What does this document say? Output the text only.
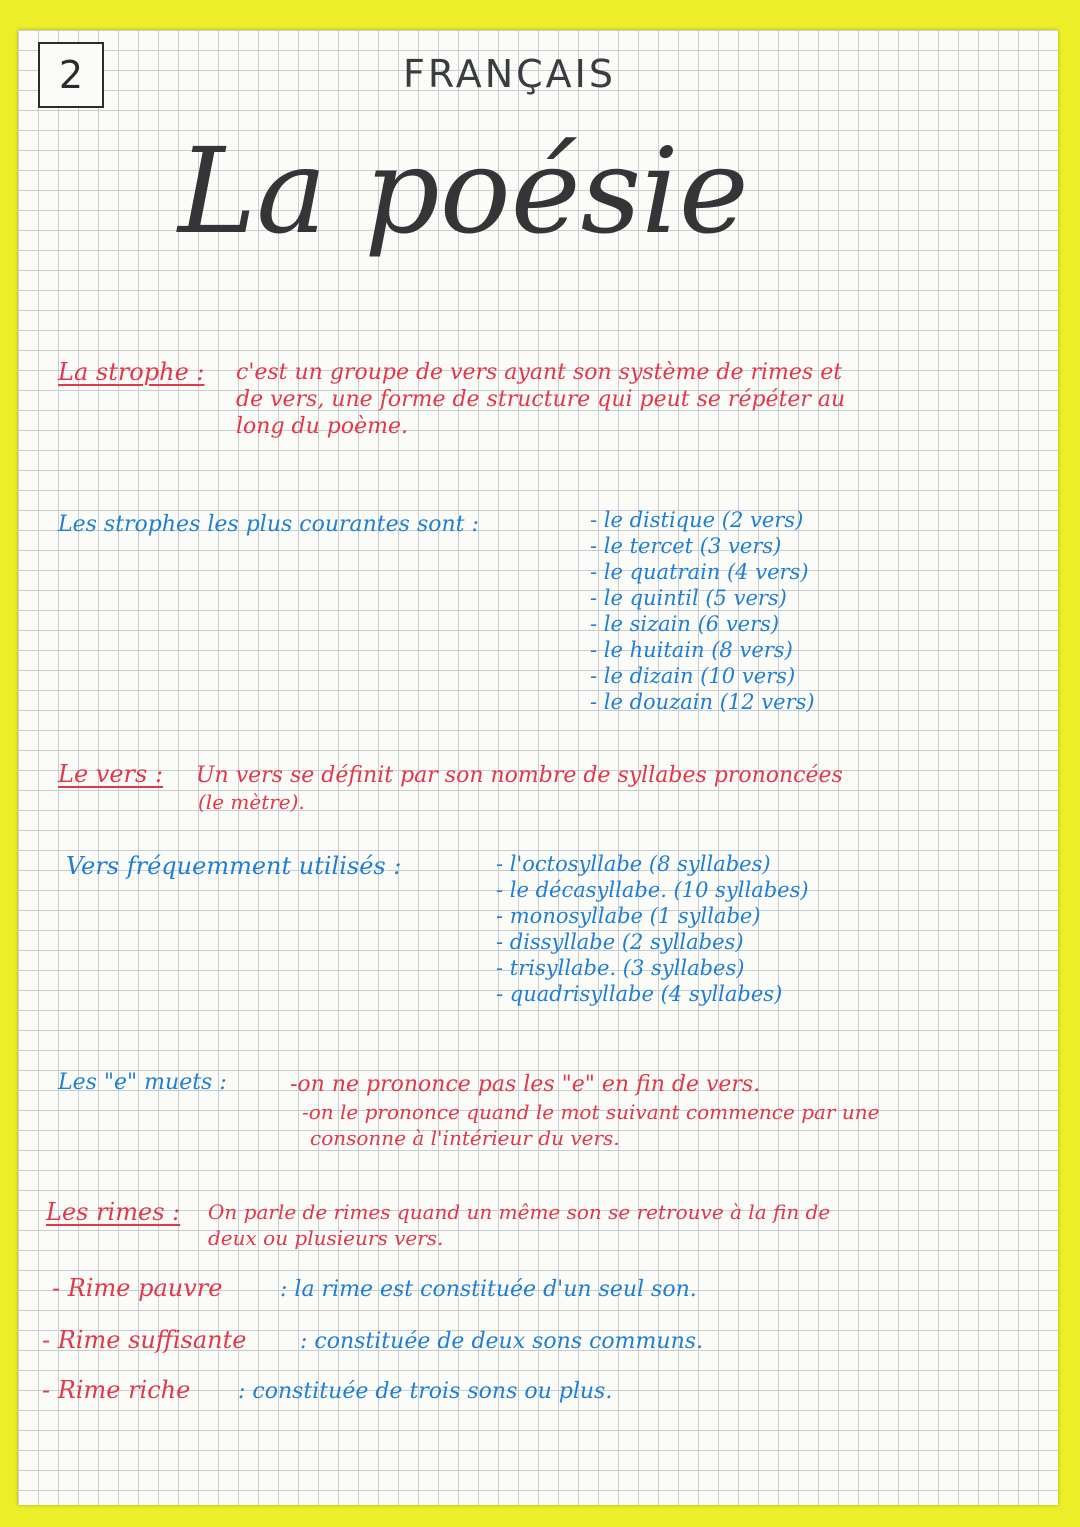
2	FRANÇAIS
La poésie
La strophe : c'est un groupe de vers ayant son système de rimes et
de vers, une forme de structure qui peut se répéter au
long du poème.
Les strophes les plus courantes sont :	- le distique (2 vers)
- le tercet (3 vers)
- le quatrain (4 vers)
- le quintil (5 vers)
- le sizain (6 vers)
- le huitain (8 vers)
- le dizain (10 vers)
- le douzain (12 vers)
Le vers : Un vers se définit par son nombre de syllabes prononcées
(le mètre).
Vers fréquemment utilisés :	- l'octosyllabe (8 syllabes)
- le décasyllabe. (10 syllabes)
- monosyllabe (1 syllabe)
- dissyllabe (2 syllabes)
- trisyllabe. (3 syllabes)
- quadrisyllabe (4 syllabes)
Les "e" muets :	-on ne prononce pas les "e" en fin de vers.
-on le prononce quand le mot suivant commence par une
consonne à l'intérieur du vers.
Les rimes : On parle de rimes quand un même son se retrouve à la fin de
deux ou plusieurs vers.
- Rime pauvre	: la rime est constituée d'un seul son.
- Rime suffisante : constituée de deux sons communs.
- Rime riche : constituée de trois sons ou plus.
